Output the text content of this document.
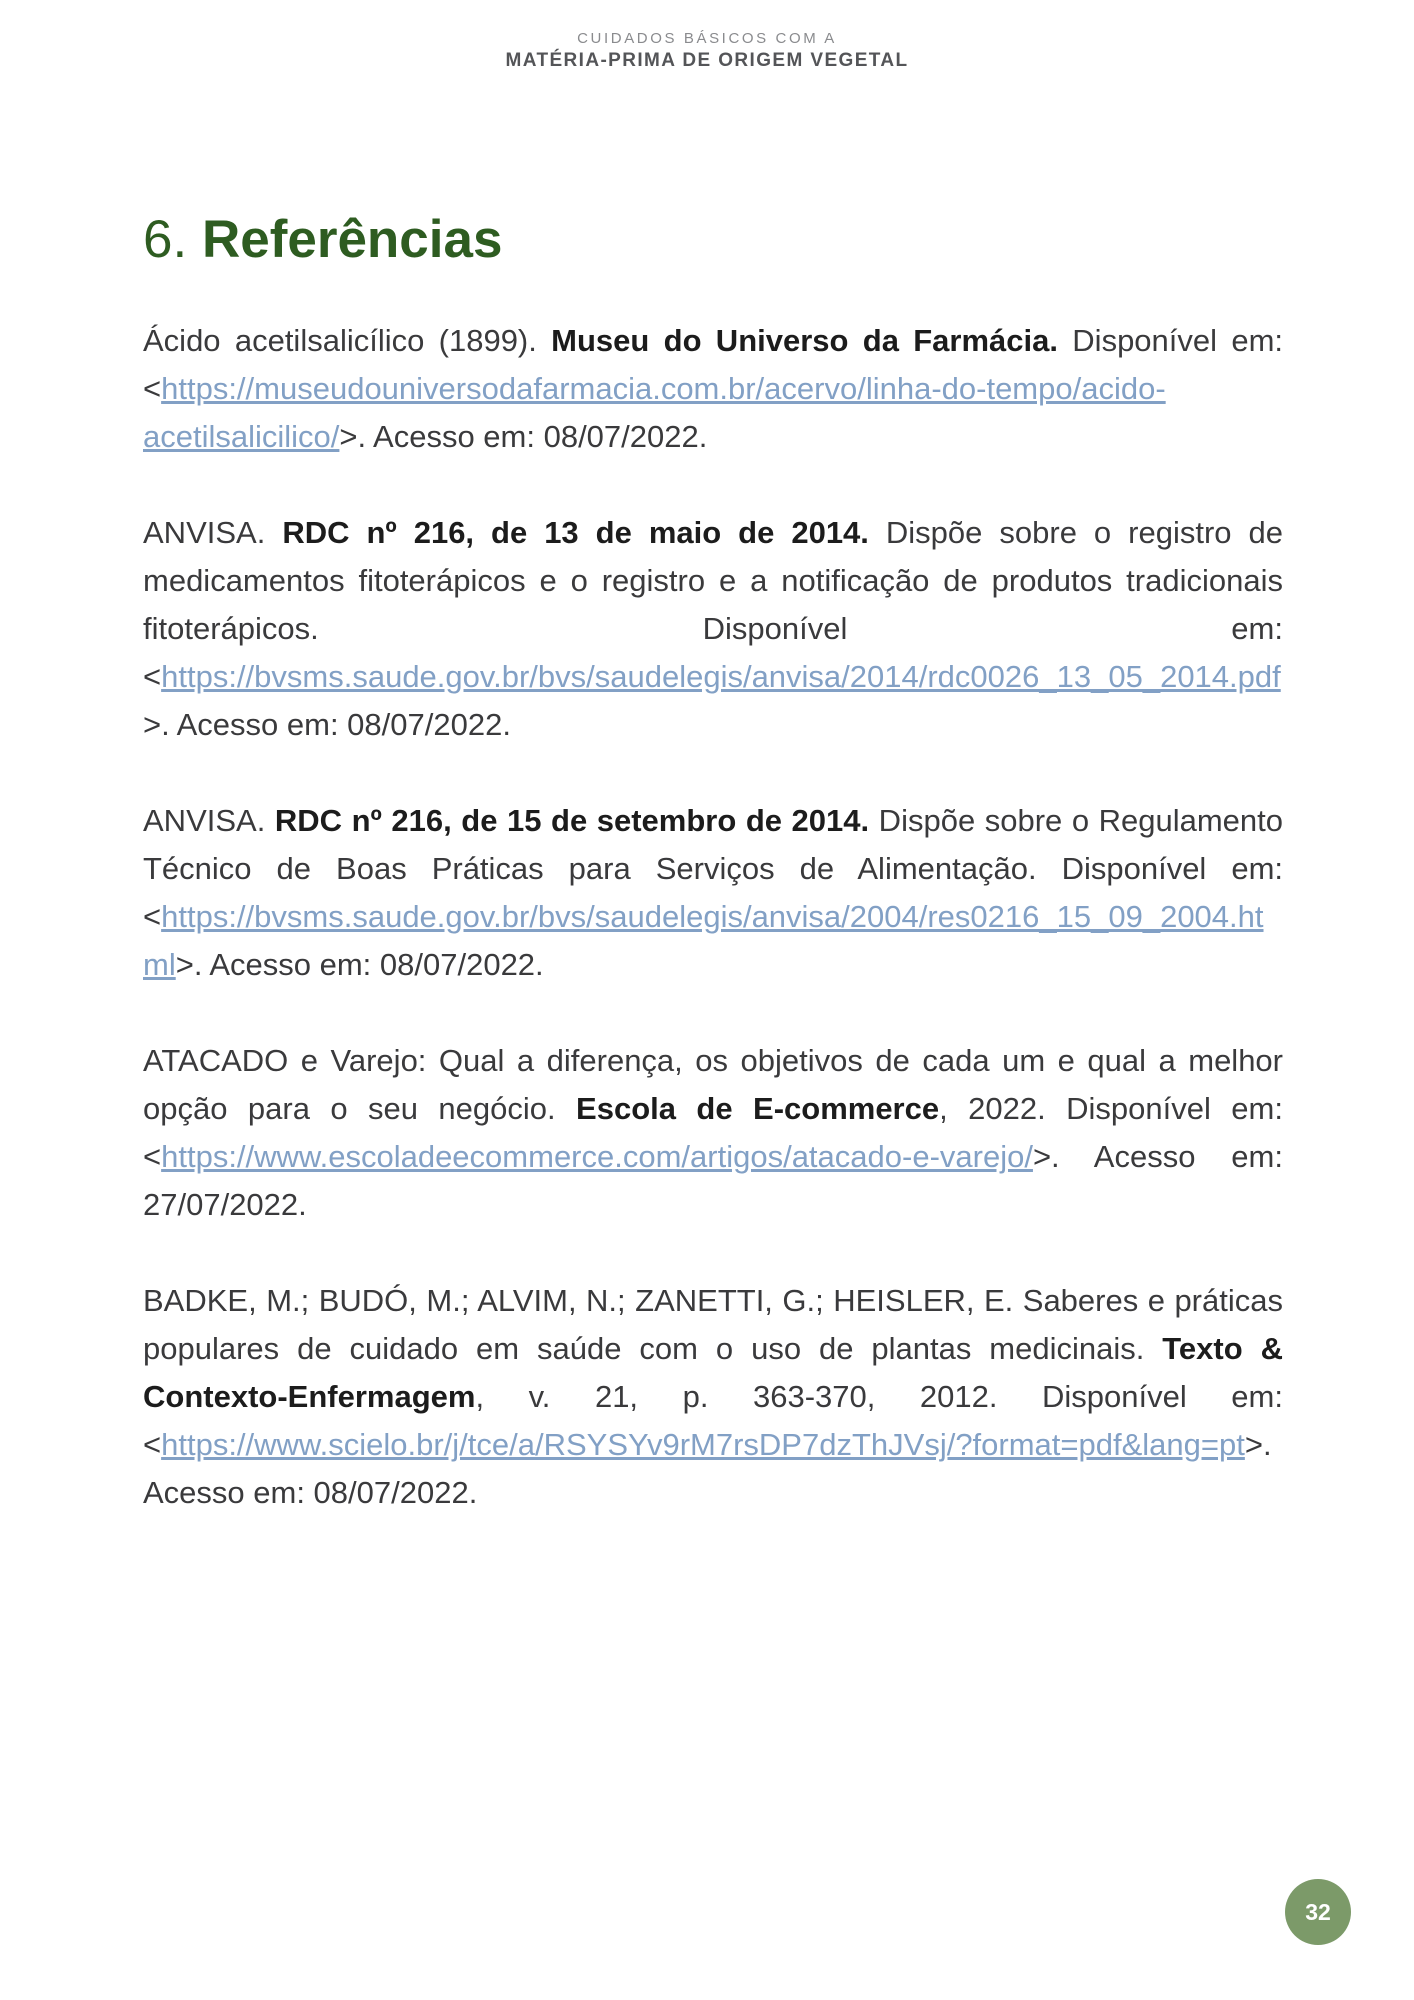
CUIDADOS BÁSICOS COM A
MATÉRIA-PRIMA DE ORIGEM VEGETAL
6. Referências

Ácido acetilsalicílico (1899). Museu do Universo da Farmácia. Disponível em: <https://museudouniversodafarmacia.com.br/acervo/linha-do-tempo/acido-acetilsalicilico/>. Acesso em: 08/07/2022.

ANVISA. RDC nº 216, de 13 de maio de 2014. Dispõe sobre o registro de medicamentos fitoterápicos e o registro e a notificação de produtos tradicionais fitoterápicos. Disponível em: <https://bvsms.saude.gov.br/bvs/saudelegis/anvisa/2014/rdc0026_13_05_2014.pdf>. Acesso em: 08/07/2022.

ANVISA. RDC nº 216, de 15 de setembro de 2014. Dispõe sobre o Regulamento Técnico de Boas Práticas para Serviços de Alimentação. Disponível em: <https://bvsms.saude.gov.br/bvs/saudelegis/anvisa/2004/res0216_15_09_2004.html>. Acesso em: 08/07/2022.

ATACADO e Varejo: Qual a diferença, os objetivos de cada um e qual a melhor opção para o seu negócio. Escola de E-commerce, 2022. Disponível em: <https://www.escoladeecommerce.com/artigos/atacado-e-varejo/>. Acesso em: 27/07/2022.

BADKE, M.; BUDÓ, M.; ALVIM, N.; ZANETTI, G.; HEISLER, E. Saberes e práticas populares de cuidado em saúde com o uso de plantas medicinais. Texto & Contexto-Enfermagem, v. 21, p. 363-370, 2012. Disponível em: <https://www.scielo.br/j/tce/a/RSYSYv9rM7rsDP7dzThJVsj/?format=pdf&lang=pt>. Acesso em: 08/07/2022.

32
